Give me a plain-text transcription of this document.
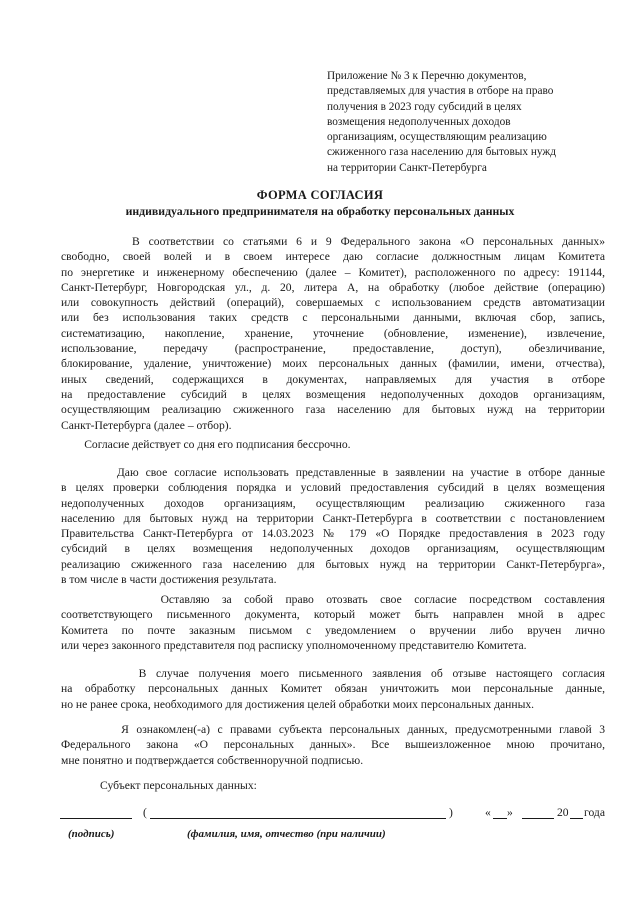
Приложение № 3 к Перечню документов,
представляемых для участия в отборе на право
получения в 2023 году субсидий в целях
возмещения недополученных доходов
организациям, осуществляющим реализацию
сжиженного газа населению для бытовых нужд
на территории Санкт-Петербурга
ФОРМА СОГЛАСИЯ
индивидуального предпринимателя на обработку персональных данных
В соответствии со статьями 6 и 9 Федерального закона «О персональных данных»
свободно, своей волей и в своем интересе даю согласие должностным лицам Комитета
по энергетике и инженерному обеспечению (далее – Комитет), расположенного по адресу: 191144,
Санкт-Петербург, Новгородская ул., д. 20, литера А, на обработку (любое действие (операцию)
или совокупность действий (операций), совершаемых с использованием средств автоматизации
или без использования таких средств с персональными данными, включая сбор, запись,
систематизацию, накопление, хранение, уточнение (обновление, изменение), извлечение,
использование, передачу (распространение, предоставление, доступ), обезличивание,
блокирование, удаление, уничтожение) моих персональных данных (фамилии, имени, отчества),
иных сведений, содержащихся в документах, направляемых для участия в отборе
на предоставление субсидий в целях возмещения недополученных доходов организациям,
осуществляющим реализацию сжиженного газа населению для бытовых нужд на территории
Санкт-Петербурга (далее – отбор).
Согласие действует со дня его подписания бессрочно.
Даю свое согласие использовать представленные в заявлении на участие в отборе данные
в целях проверки соблюдения порядка и условий предоставления субсидий в целях возмещения
недополученных доходов организациям, осуществляющим реализацию сжиженного газа
населению для бытовых нужд на территории Санкт-Петербурга в соответствии с постановлением
Правительства Санкт-Петербурга от 14.03.2023 № 179 «О Порядке предоставления в 2023 году
субсидий в целях возмещения недополученных доходов организациям, осуществляющим
реализацию сжиженного газа населению для бытовых нужд на территории Санкт-Петербурга»,
в том числе в части достижения результата.
Оставляю за собой право отозвать свое согласие посредством составления
соответствующего письменного документа, который может быть направлен мной в адрес
Комитета по почте заказным письмом с уведомлением о вручении либо вручен лично
или через законного представителя под расписку уполномоченному представителю Комитета.
В случае получения моего письменного заявления об отзыве настоящего согласия
на обработку персональных данных Комитет обязан уничтожить мои персональные данные,
но не ранее срока, необходимого для достижения целей обработки моих персональных данных.
Я ознакомлен(-а) с правами субъекта персональных данных, предусмотренными главой 3
Федерального закона «О персональных данных». Все вышеизложенное мною прочитано,
мне понятно и подтверждается собственноручной подписью.
Субъект персональных данных:
(	)	« »	20 года
(подпись)	(фамилия, имя, отчество (при наличии)
